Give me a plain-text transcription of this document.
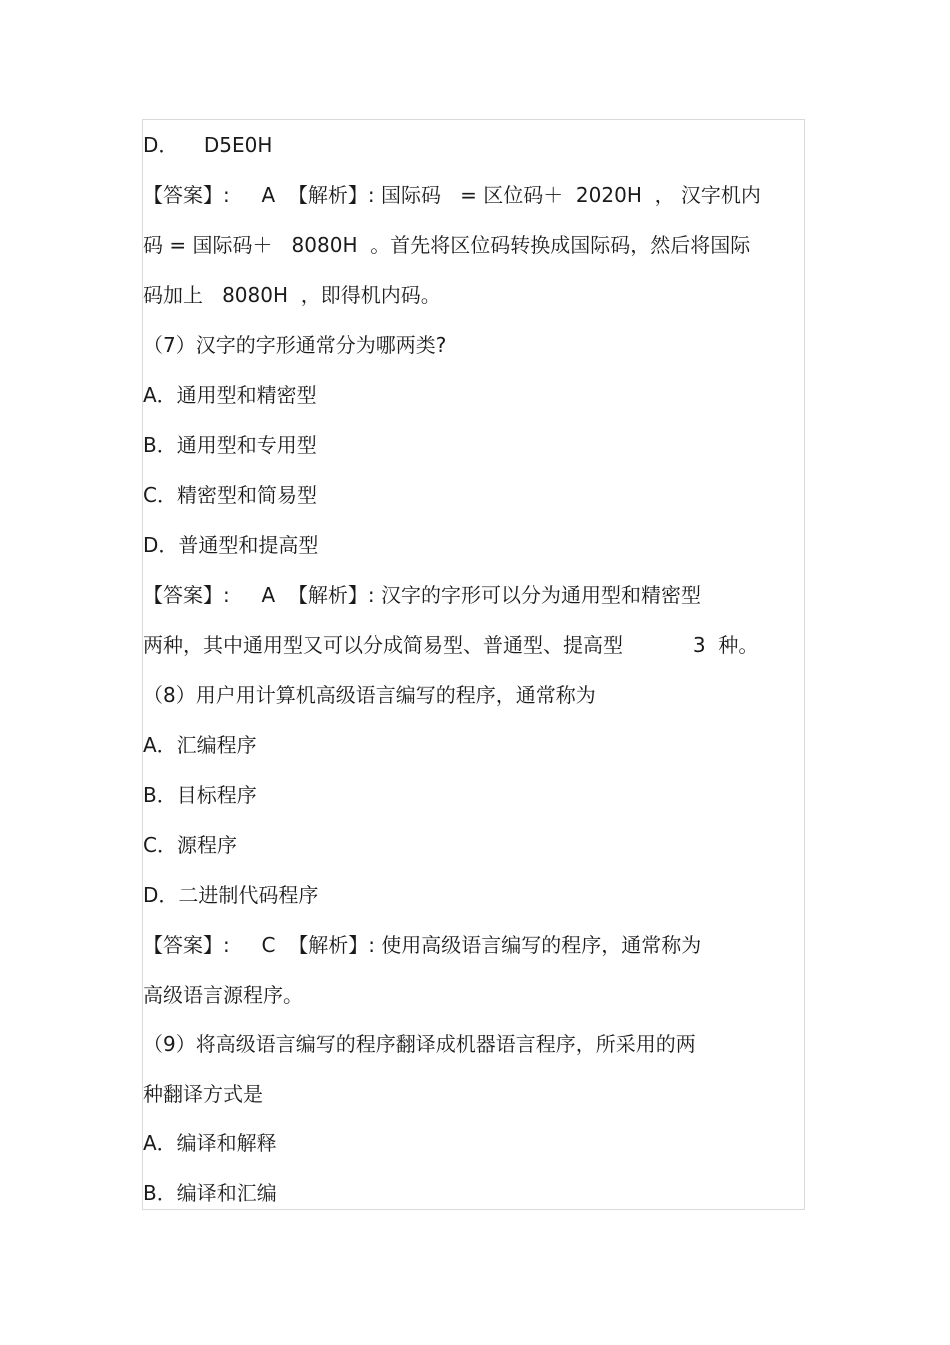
D．    D5E0H
【答案】:     A  【解析】: 国际码   = 区位码＋  2020H  ， 汉字机内
码 = 国际码＋   8080H  。首先将区位码转换成国际码，然后将国际
码加上   8080H  ，即得机内码。
（7）汉字的字形通常分为哪两类?
A．通用型和精密型
B．通用型和专用型
C．精密型和简易型
D．普通型和提高型
【答案】:     A  【解析】: 汉字的字形可以分为通用型和精密型
两种，其中通用型又可以分成简易型、普通型、提高型           3  种。
（8）用户用计算机高级语言编写的程序，通常称为
A．汇编程序
B．目标程序
C．源程序
D．二进制代码程序
【答案】:     C  【解析】: 使用高级语言编写的程序，通常称为
高级语言源程序。
（9）将高级语言编写的程序翻译成机器语言程序，所采用的两
种翻译方式是
A．编译和解释
B．编译和汇编
